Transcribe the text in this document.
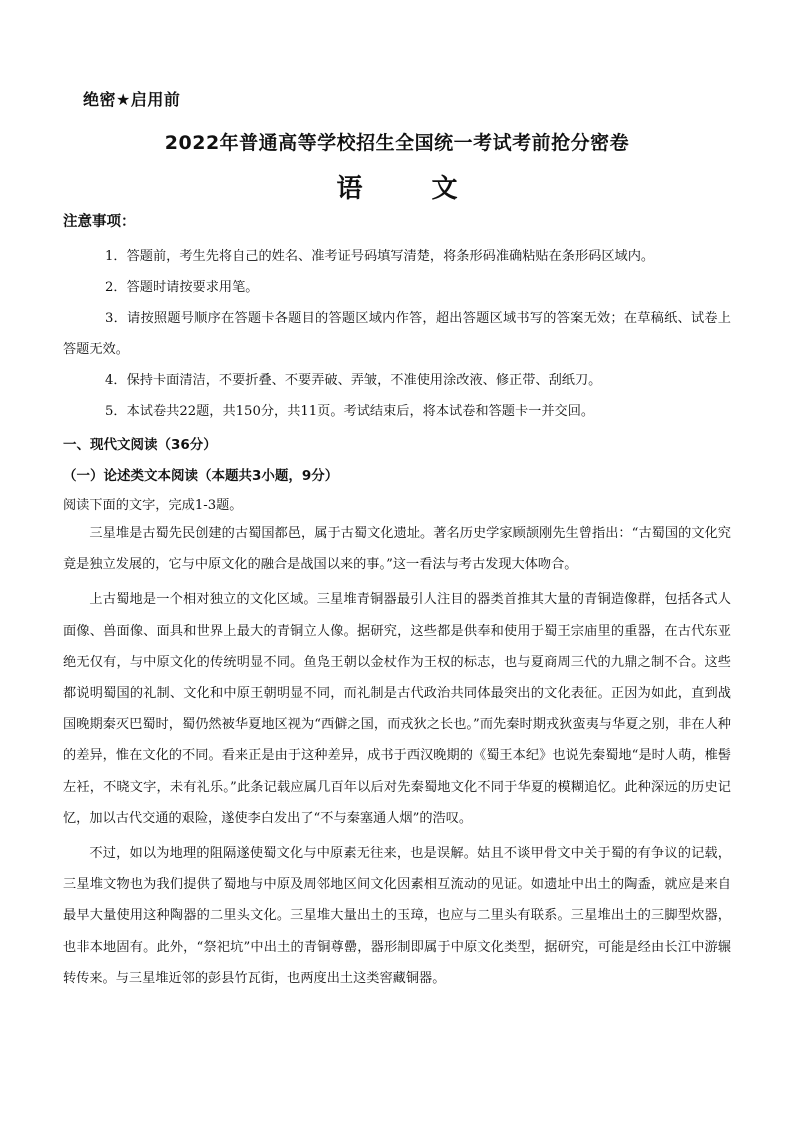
绝密★启用前
2022年普通高等学校招生全国统一考试考前抢分密卷
语 文
注意事项：
1．答题前，考生先将自己的姓名、准考证号码填写清楚，将条形码准确粘贴在条形码区域内。
2．答题时请按要求用笔。
3．请按照题号顺序在答题卡各题目的答题区域内作答，超出答题区域书写的答案无效；在草稿纸、试卷上答题无效。
4．保持卡面清洁，不要折叠、不要弄破、弄皱，不准使用涂改液、修正带、刮纸刀。
5．本试卷共22题，共150分，共11页。考试结束后，将本试卷和答题卡一并交回。
一、现代文阅读（36分）
（一）论述类文本阅读（本题共3小题，9分）
阅读下面的文字，完成1-3题。

三星堆是古蜀先民创建的古蜀国都邑，属于古蜀文化遗址。著名历史学家顾颉刚先生曾指出：“古蜀国的文化究竟是独立发展的，它与中原文化的融合是战国以来的事。”这一看法与考古发现大体吻合。

上古蜀地是一个相对独立的文化区域。三星堆青铜器最引人注目的器类首推其大量的青铜造像群，包括各式人面像、兽面像、面具和世界上最大的青铜立人像。据研究，这些都是供奉和使用于蜀王宗庙里的重器，在古代东亚绝无仅有，与中原文化的传统明显不同。鱼凫王朝以金杖作为王权的标志，也与夏商周三代的九鼎之制不合。这些都说明蜀国的礼制、文化和中原王朝明显不同，而礼制是古代政治共同体最突出的文化表征。正因为如此，直到战国晚期秦灭巴蜀时，蜀仍然被华夏地区视为“西僻之国，而戎狄之长也。”而先秦时期戎狄蛮夷与华夏之别，非在人种的差异，惟在文化的不同。看来正是由于这种差异，成书于西汉晚期的《蜀王本纪》也说先秦蜀地“是时人萌，椎髻左衽，不晓文字，未有礼乐。”此条记载应属几百年以后对先秦蜀地文化不同于华夏的模糊追忆。此种深远的历史记忆，加以古代交通的艰险，遂使李白发出了“不与秦塞通人烟”的浩叹。

不过，如以为地理的阻隔遂使蜀文化与中原素无往来，也是误解。姑且不谈甲骨文中关于蜀的有争议的记载，三星堆文物也为我们提供了蜀地与中原及周邻地区间文化因素相互流动的见证。如遗址中出土的陶盉，就应是来自最早大量使用这种陶器的二里头文化。三星堆大量出土的玉璋，也应与二里头有联系。三星堆出土的三脚型炊器，也非本地固有。此外，“祭祀坑”中出土的青铜尊罍，器形制即属于中原文化类型，据研究，可能是经由长江中游辗转传来。与三星堆近邻的彭县竹瓦街，也两度出土这类窖藏铜器。
